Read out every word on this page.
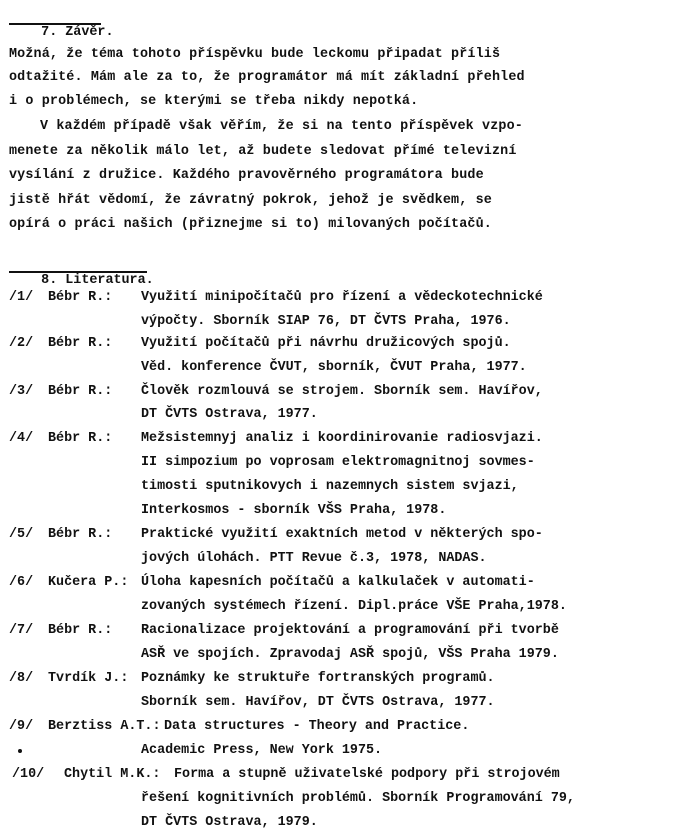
7. Závěr.

Možná, že téma tohoto příspěvku bude leckomu připadat příliš
odtažité. Mám ale za to, že programátor má mít základní přehled
i o problémech, se kterými se třeba nikdy nepotká.
V každém případě však věřím, že si na tento příspěvek vzpo-
menete za několik málo let, až budete sledovat přímé televizní
vysílání z družice. Každého pravověrného programátora bude
jistě hřát vědomí, že závratný pokrok, jehož je svědkem, se
opírá o práci našich (přiznejme si to) milovaných počítačů.

8. Literatura.

/1/ Bébr R.: Využití minipočítačů pro řízení a vědeckotechnické
výpočty. Sborník SIAP 76, DT ČVTS Praha, 1976.
/2/ Bébr R.: Využití počítačů při návrhu družicových spojů.
Věd. konference ČVUT, sborník, ČVUT Praha, 1977.
/3/ Bébr R.: Člověk rozmlouvá se strojem. Sborník sem. Havířov,
DT ČVTS Ostrava, 1977.
/4/ Bébr R.: Mežsistemnyj analiz i koordinirovanie radiosvjazi.
II simpozium po voprosam elektromagnitnoj sovmes-
timosti sputnikovych i nazemnych sistem svjazi,
Interkosmos - sborník VŠS Praha, 1978.
/5/ Bébr R.: Praktické využití exaktních metod v některých spo-
jových úlohách. PTT Revue č.3, 1978, NADAS.
/6/ Kučera P.: Úloha kapesních počítačů a kalkulaček v automati-
zovaných systémech řízení. Dipl.práce VŠE Praha,1978.
/7/ Bébr R.: Racionalizace projektování a programování při tvorbě
ASŘ ve spojích. Zpravodaj ASŘ spojů, VŠS Praha 1979.
/8/ Tvrdík J.: Poznámky ke struktuře fortranských programů.
Sborník sem. Havířov, DT ČVTS Ostrava, 1977.
/9/ Berztiss A.T.: Data structures - Theory and Practice.
Academic Press, New York 1975.
/10/ Chytil M.K.: Forma a stupně uživatelské podpory při strojovém
řešení kognitivních problémů. Sborník Programování 79,
DT ČVTS Ostrava, 1979.
